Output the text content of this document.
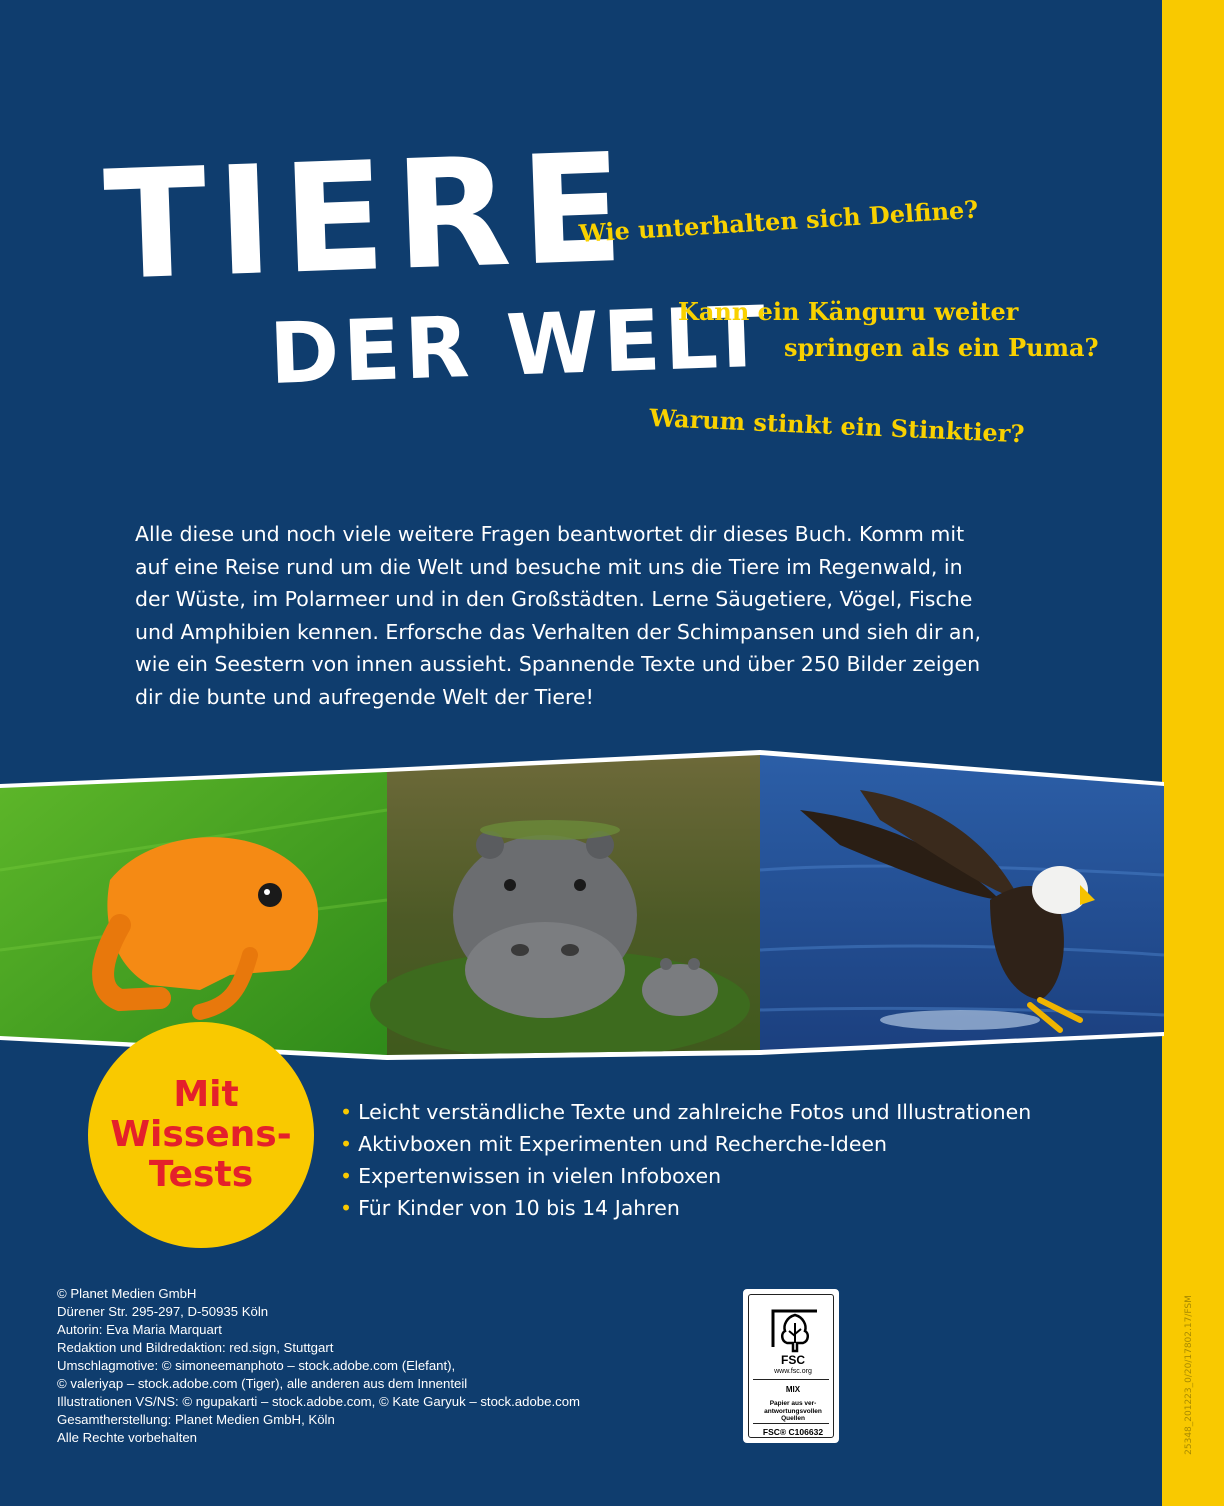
25348_201223_0/20/17802.17/FSM
TIERE
DER WELT
Wie unterhalten sich Delfine?
Kann ein Känguru weiter
springen als ein Puma?
Warum stinkt ein Stinktier?

Alle diese und noch viele weitere Fragen beantwortet dir dieses Buch. Komm mit
auf eine Reise rund um die Welt und besuche mit uns die Tiere im Regenwald, in
der Wüste, im Polarmeer und in den Großstädten. Lerne Säugetiere, Vögel, Fische
und Amphibien kennen. Erforsche das Verhalten der Schimpansen und sieh dir an,
wie ein Seestern von innen aussieht. Spannende Texte und über 250 Bilder zeigen
dir die bunte und aufregende Welt der Tiere!

Mit
Wissens-
Tests
• Leicht verständliche Texte und zahlreiche Fotos und Illustrationen
• Aktivboxen mit Experimenten und Recherche-Ideen
• Expertenwissen in vielen Infoboxen
• Für Kinder von 10 bis 14 Jahren
© Planet Medien GmbH
Dürener Str. 295-297, D-50935 Köln
Autorin: Eva Maria Marquart
Redaktion und Bildredaktion: red.sign, Stuttgart
Umschlagmotive: © simoneemanphoto – stock.adobe.com (Elefant),
© valeriyap – stock.adobe.com (Tiger), alle anderen aus dem Innenteil
Illustrationen VS/NS: © ngupakarti – stock.adobe.com, © Kate Garyuk – stock.adobe.com
Gesamtherstellung: Planet Medien GmbH, Köln
Alle Rechte vorbehalten
FSC
www.fsc.org
MIX
Papier aus ver-
antwortungsvollen
Quellen
FSC® C106632
